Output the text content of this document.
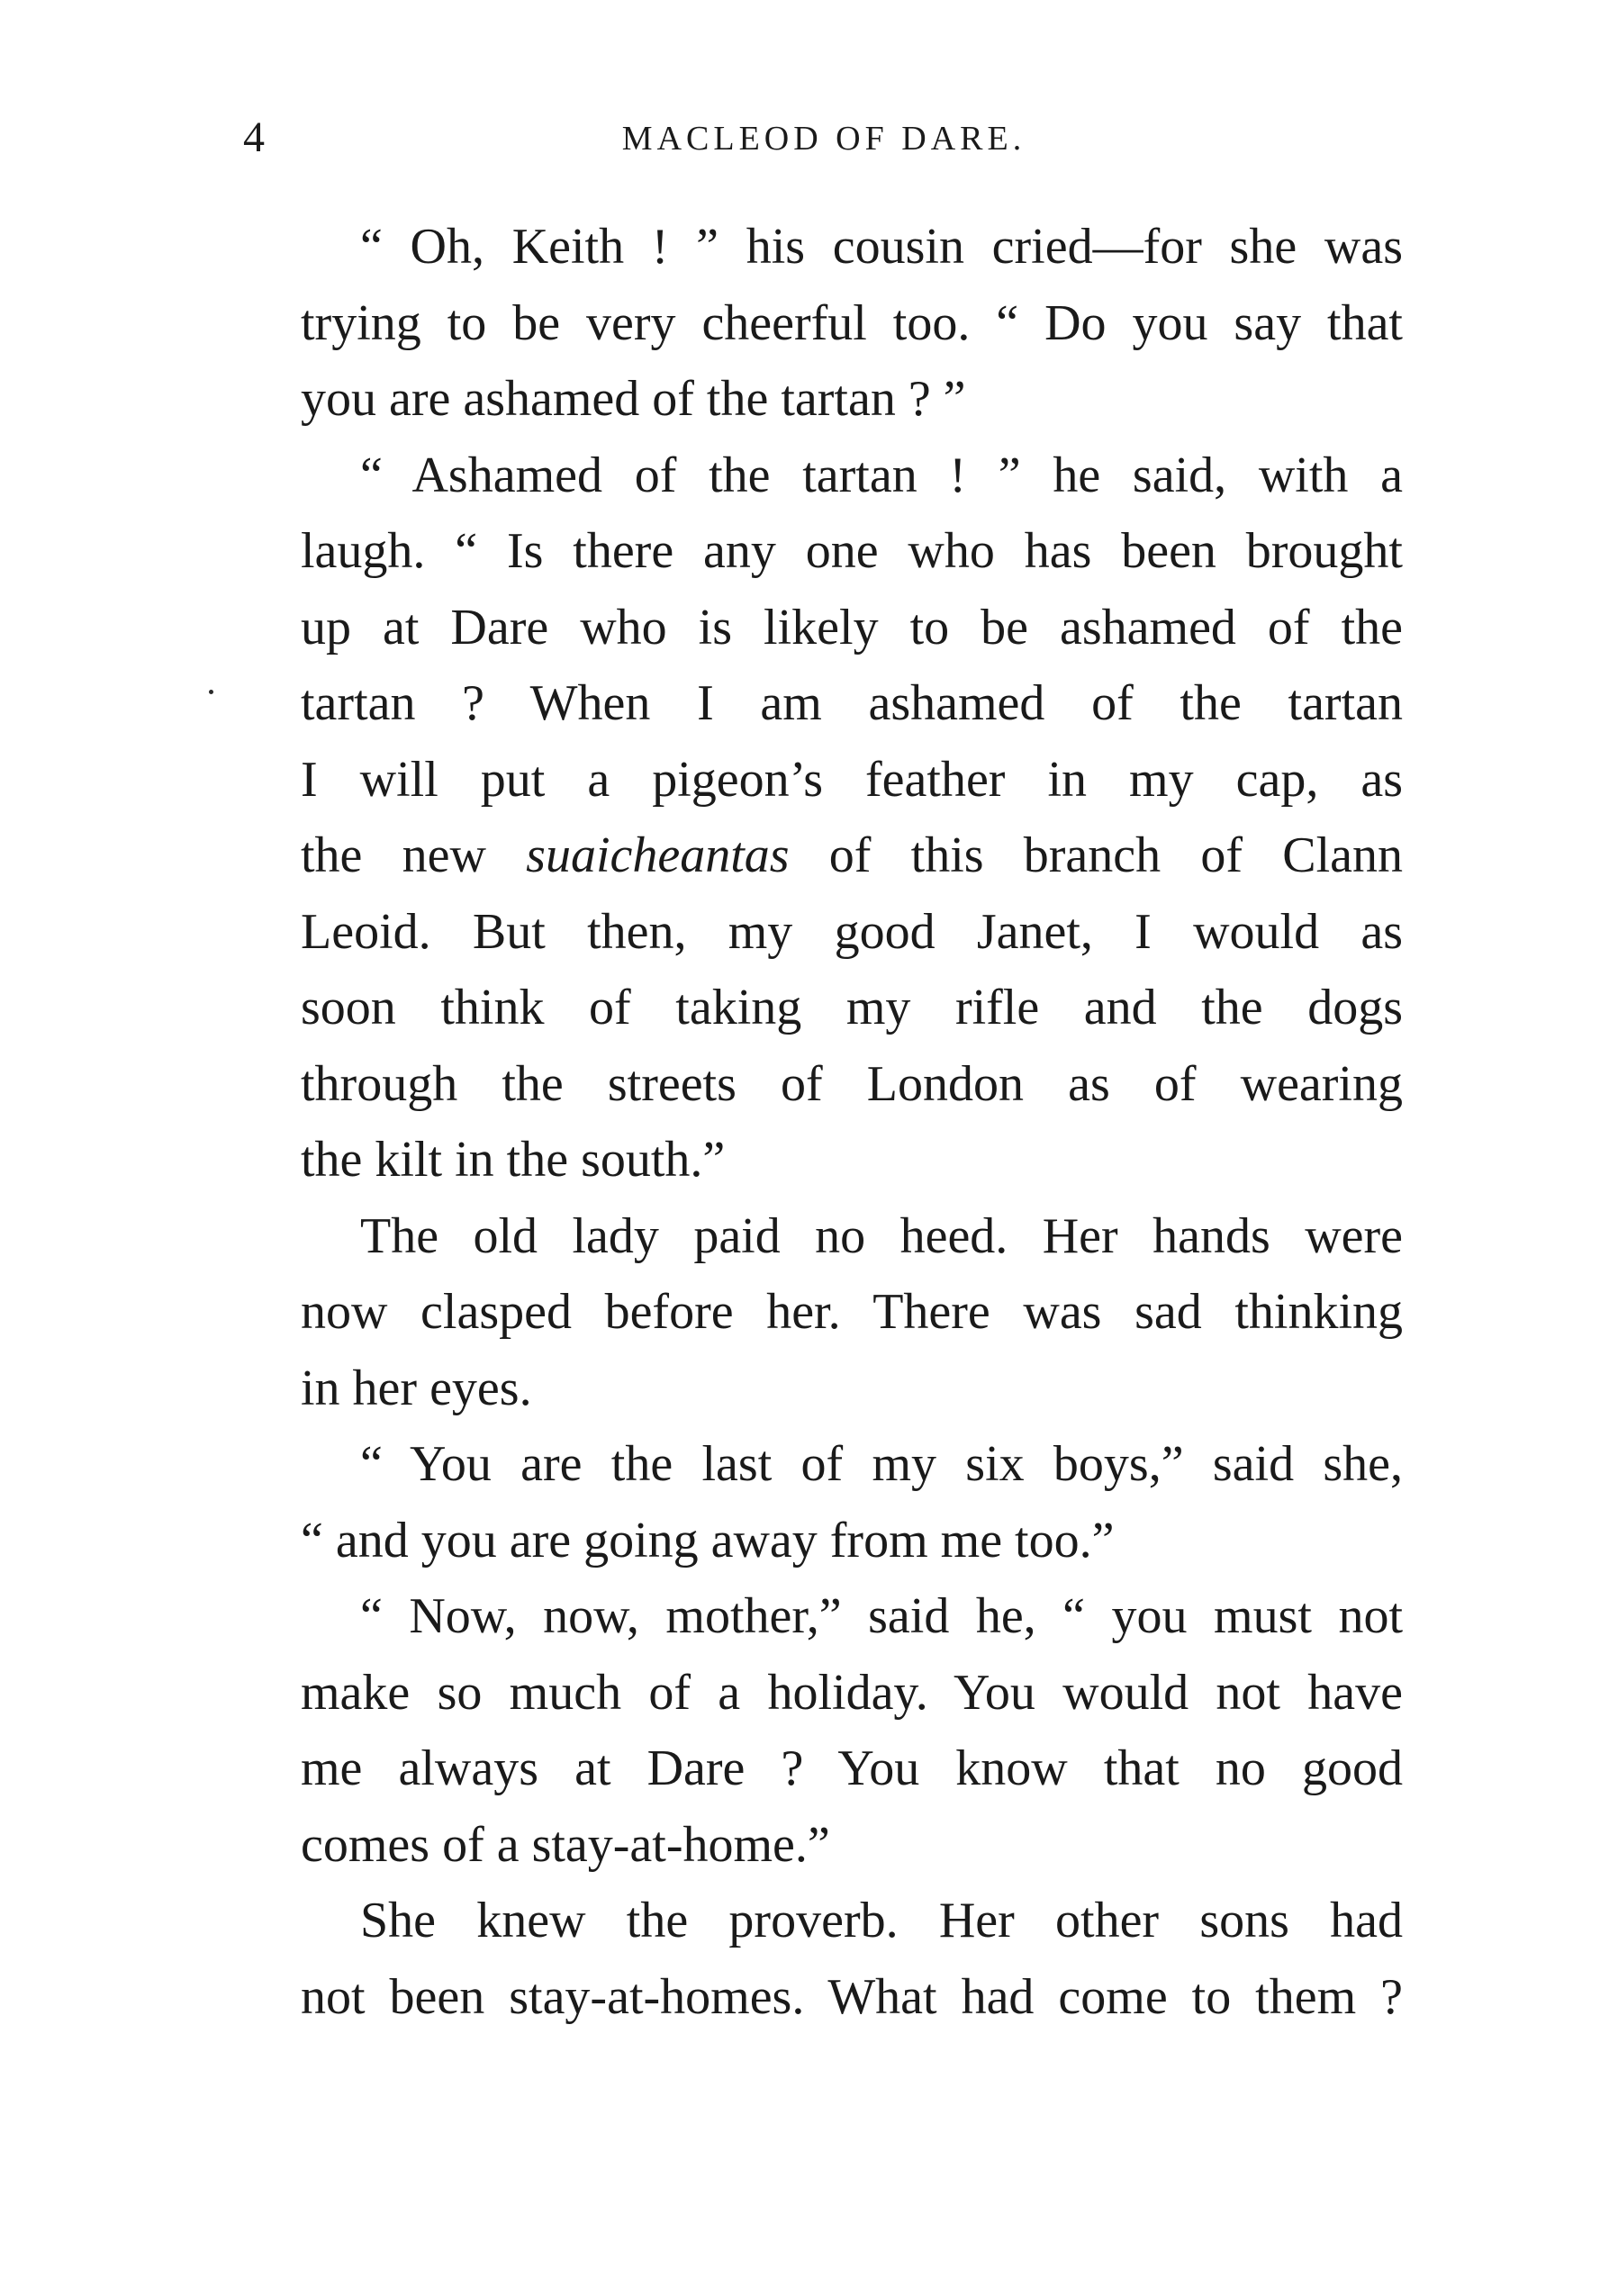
4	MACLEOD OF DARE.
“ Oh, Keith ! ” his cousin cried—for she was
trying to be very cheerful too. “ Do you say that
you are ashamed of the tartan ? ”
“ Ashamed of the tartan ! ” he said, with a
laugh. “ Is there any one who has been brought
up at Dare who is likely to be ashamed of the
tartan ? When I am ashamed of the tartan
I will put a pigeon’s feather in my cap, as
the new suaicheantas of this branch of Clann
Leoid. But then, my good Janet, I would as
soon think of taking my rifle and the dogs
through the streets of London as of wearing
the kilt in the south.”
The old lady paid no heed. Her hands were
now clasped before her. There was sad thinking
in her eyes.
“ You are the last of my six boys,” said she,
“ and you are going away from me too.”
“ Now, now, mother,” said he, “ you must not
make so much of a holiday. You would not have
me always at Dare ? You know that no good
comes of a stay-at-home.”
She knew the proverb. Her other sons had
not been stay-at-homes. What had come to them ?
